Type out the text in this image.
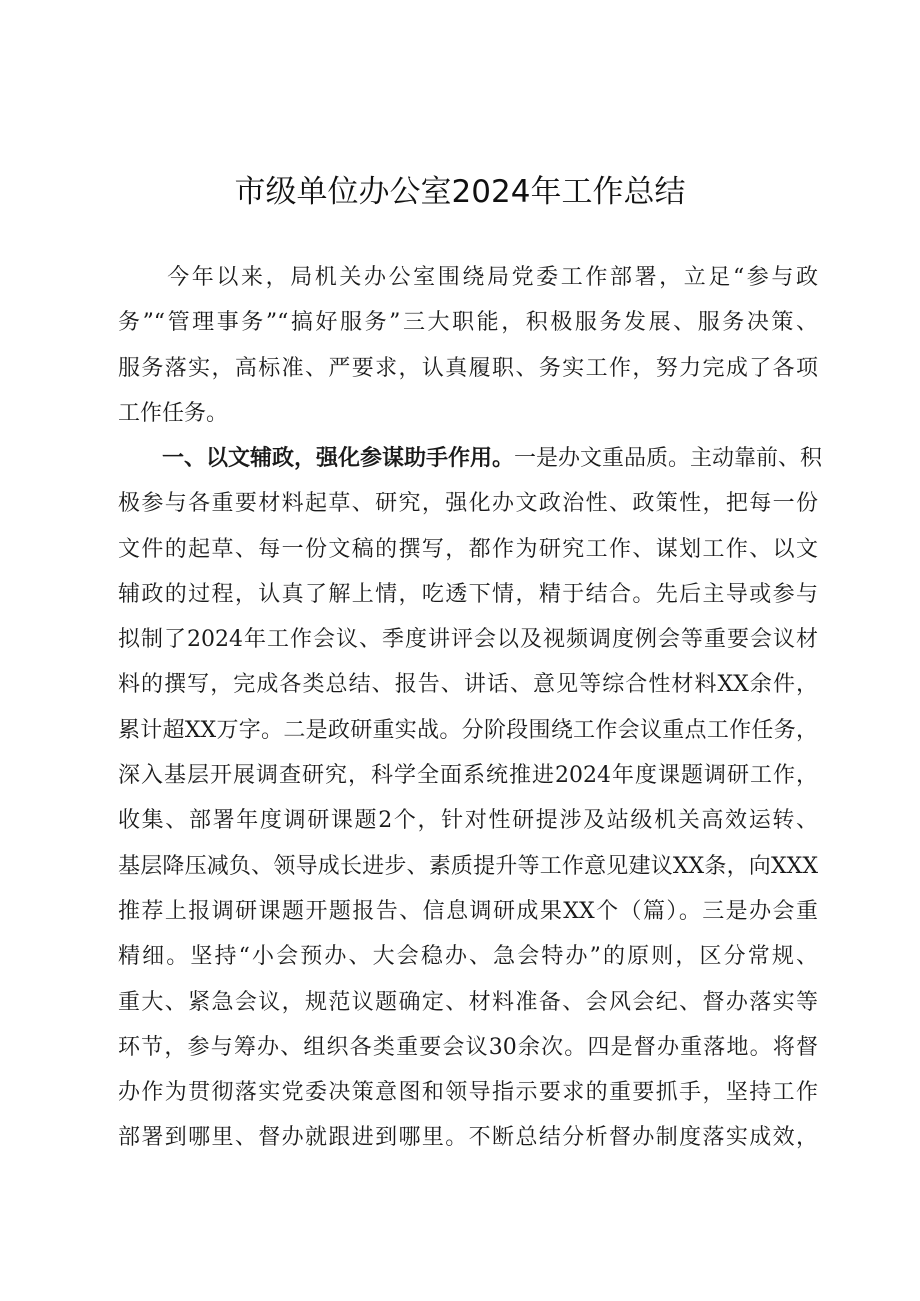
市级单位办公室2024年工作总结
　　今年以来，局机关办公室围绕局党委工作部署，立足“参与政
务”“管理事务”“搞好服务”三大职能，积极服务发展、服务决策、
服务落实，高标准、严要求，认真履职、务实工作，努力完成了各项
工作任务。
　　一、以文辅政，强化参谋助手作用。一是办文重品质。主动靠前、积
极参与各重要材料起草、研究，强化办文政治性、政策性，把每一份
文件的起草、每一份文稿的撰写，都作为研究工作、谋划工作、以文
辅政的过程，认真了解上情，吃透下情，精于结合。先后主导或参与
拟制了2024年工作会议、季度讲评会以及视频调度例会等重要会议材
料的撰写，完成各类总结、报告、讲话、意见等综合性材料XX余件，
累计超XX万字。二是政研重实战。分阶段围绕工作会议重点工作任务，
深入基层开展调查研究，科学全面系统推进2024年度课题调研工作，
收集、部署年度调研课题2个，针对性研提涉及站级机关高效运转、
基层降压减负、领导成长进步、素质提升等工作意见建议XX条，向XXX
推荐上报调研课题开题报告、信息调研成果XX个（篇）。三是办会重
精细。坚持“小会预办、大会稳办、急会特办”的原则，区分常规、
重大、紧急会议，规范议题确定、材料准备、会风会纪、督办落实等
环节，参与筹办、组织各类重要会议30余次。四是督办重落地。将督
办作为贯彻落实党委决策意图和领导指示要求的重要抓手，坚持工作
部署到哪里、督办就跟进到哪里。不断总结分析督办制度落实成效，
